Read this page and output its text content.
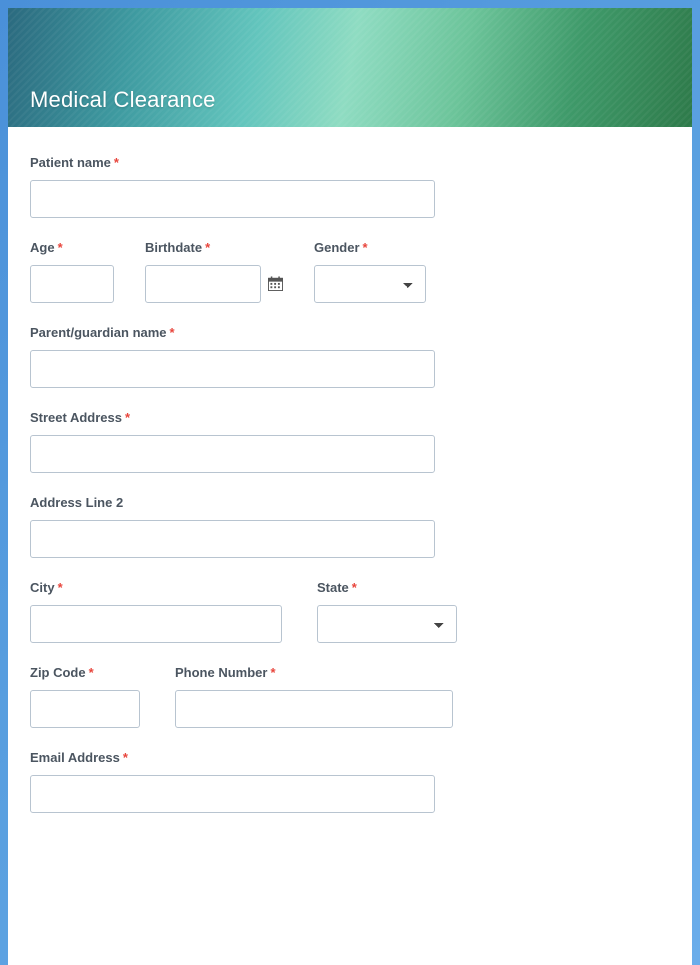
Medical Clearance
Patient name *
Age *	Birthdate *	Gender *
Parent/guardian name *
Street Address *
Address Line 2
City *	State *
Zip Code *	Phone Number *
Email Address *
